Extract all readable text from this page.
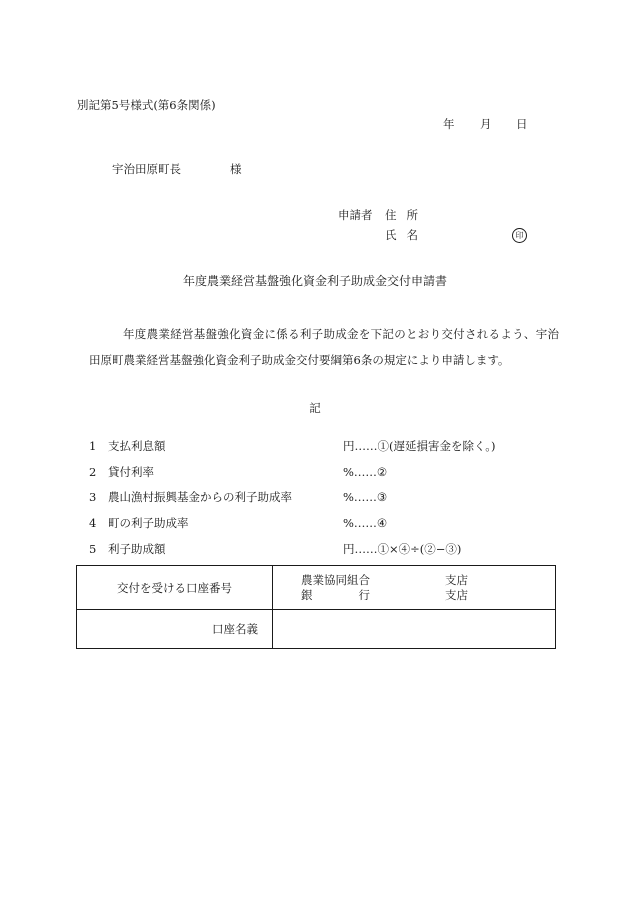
別記第5号様式(第6条関係)
年 月 日
宇治田原町長	様
申請者 住所
氏名	印
年度農業経営基盤強化資金利子助成金交付申請書
年度農業経営基盤強化資金に係る利子助成金を下記のとおり交付されるよう、宇治田原町農業経営基盤強化資金利子助成金交付要綱第6条の規定により申請します。
記
1 支払利息額	円……①(遅延損害金を除く。)
2 貸付利率	%……②
3 農山漁村振興基金からの利子助成率	%……③
4 町の利子助成率	%……④
5 利子助成額	円……①×④÷(②−③)
交付を受ける口座番号	農業協同組合 支店
銀　　　　行 支店

口座名義	
